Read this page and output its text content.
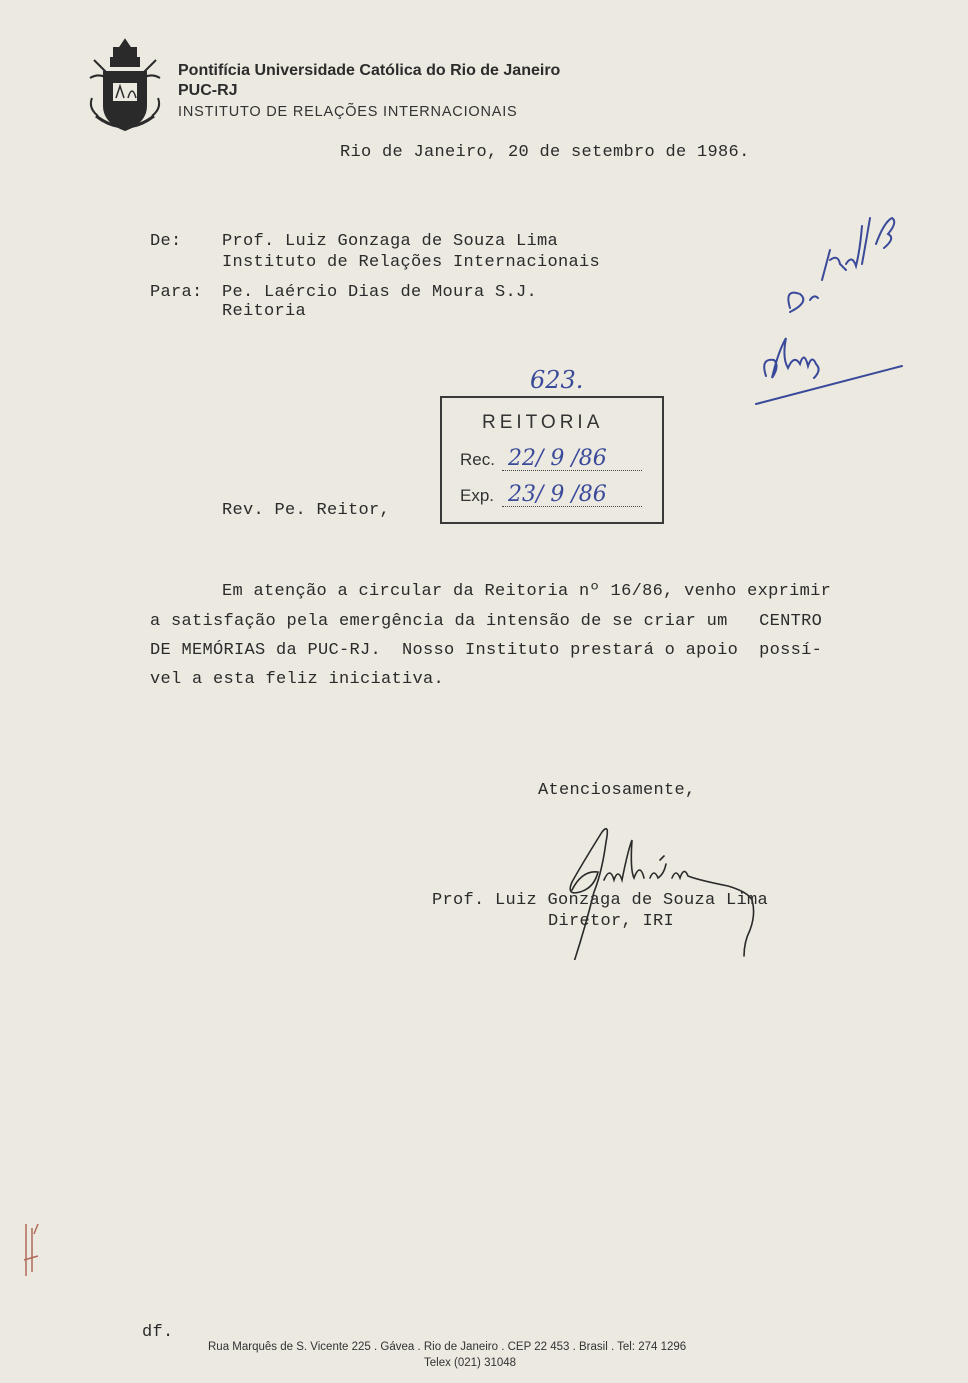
Pontifícia Universidade Católica do Rio de Janeiro
PUC-RJ
INSTITUTO DE RELAÇÕES INTERNACIONAIS
Rio de Janeiro, 20 de setembro de 1986.
De: Prof. Luiz Gonzaga de Souza Lima
Instituto de Relações Internacionais
Para: Pe. Laércio Dias de Moura S.J.
Reitoria
623.
REITORIA
Rec. 22/ 9 /86
Exp. 23/ 9 /86
Rev. Pe. Reitor,
Em atenção a circular da Reitoria nº 16/86, venho exprimir
a satisfação pela emergência da intensão de se criar um   CENTRO
DE MEMÓRIAS da PUC-RJ.  Nosso Instituto prestará o apoio  possí-
vel a esta feliz iniciativa.
Atenciosamente,
Prof. Luiz Gonzaga de Souza Lima
Diretor, IRI
df.
Rua Marquês de S. Vicente 225 . Gávea . Rio de Janeiro . CEP 22 453 . Brasil . Tel: 274 1296
Telex (021) 31048
